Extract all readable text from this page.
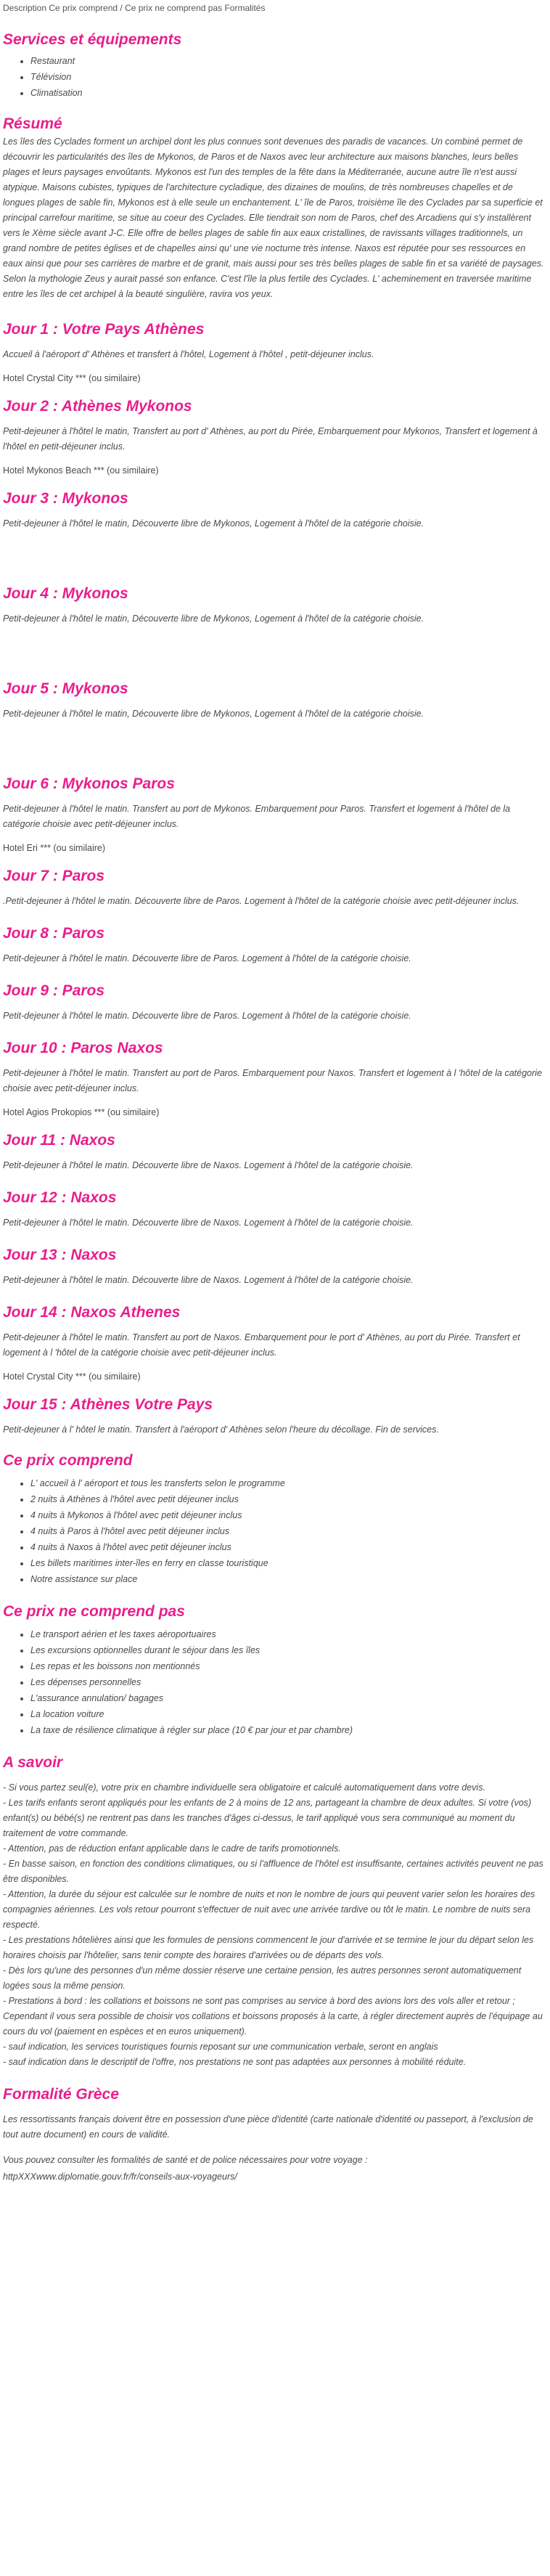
Description Ce prix comprend / Ce prix ne comprend pas Formalités

Services et équipements
• Restaurant
• Télévision
• Climatisation
Résumé

Les îles des Cyclades forment un archipel dont les plus connues sont devenues des paradis de vacances. Un combiné permet de découvrir les particularités des îles de Mykonos, de Paros et de Naxos avec leur architecture aux maisons blanches, leurs belles plages et leurs paysages envoûtants. Mykonos est l'un des temples de la fête dans la Méditerranée, aucune autre île n'est aussi atypique. Maisons cubistes, typiques de l'architecture cycladique, des dizaines de moulins, de très nombreuses chapelles et de longues plages de sable fin, Mykonos est à elle seule un enchantement. L' île de Paros, troisième île des Cyclades par sa superficie et principal carrefour maritime, se situe au coeur des Cyclades. Elle tiendrait son nom de Paros, chef des Arcadiens qui s'y installèrent vers le Xème siècle avant J-C. Elle offre de belles plages de sable fin aux eaux cristallines, de ravissants villages traditionnels, un grand nombre de petites églises et de chapelles ainsi qu' une vie nocturne très intense. Naxos est réputée pour ses ressources en eaux ainsi que pour ses carrières de marbre et de granit, mais aussi pour ses très belles plages de sable fin et sa variété de paysages. Selon la mythologie Zeus y aurait passé son enfance. C'est l'île la plus fertile des Cyclades. L' acheminement en traversée maritime entre les îles de cet archipel à la beauté singulière, ravira vos yeux.

Jour 1 : Votre Pays Athènes

Accueil à l'aéroport d' Athènes et transfert à l'hôtel, Logement à l'hôtel , petit-déjeuner inclus.

Hotel Crystal City *** (ou similaire)

Jour 2 : Athènes Mykonos

Petit-dejeuner à l'hôtel le matin, Transfert au port d' Athènes, au port du Pirée, Embarquement pour Mykonos, Transfert et logement à l'hôtel en petit-déjeuner inclus.

Hotel Mykonos Beach *** (ou similaire)

Jour 3 : Mykonos

Petit-dejeuner à l'hôtel le matin, Découverte libre de Mykonos, Logement à l'hôtel de la catégorie choisie.

Jour 4 : Mykonos

Petit-dejeuner à l'hôtel le matin, Découverte libre de Mykonos, Logement à l'hôtel de la catégorie choisie.

Jour 5 : Mykonos

Petit-dejeuner à l'hôtel le matin, Découverte libre de Mykonos, Logement à l'hôtel de la catégorie choisie.

Jour 6 : Mykonos Paros

Petit-dejeuner à l'hôtel le matin. Transfert au port de Mykonos. Embarquement pour Paros. Transfert et logement à l'hôtel de la catégorie choisie avec petit-déjeuner inclus.

Hotel Eri *** (ou similaire)

Jour 7 : Paros

.Petit-dejeuner à l'hôtel le matin. Découverte libre de Paros. Logement à l'hôtel de la catégorie choisie avec petit-déjeuner inclus.

Jour 8 : Paros

Petit-dejeuner à l'hôtel le matin. Découverte libre de Paros. Logement à l'hôtel de la catégorie choisie.

Jour 9 : Paros

Petit-dejeuner à l'hôtel le matin. Découverte libre de Paros. Logement à l'hôtel de la catégorie choisie.

Jour 10 : Paros Naxos

Petit-dejeuner à l'hôtel le matin. Transfert au port de Paros. Embarquement pour Naxos. Transfert et logement à l 'hôtel de la catégorie choisie avec petit-déjeuner inclus.

Hotel Agios Prokopios *** (ou similaire)

Jour 11 : Naxos

Petit-dejeuner à l'hôtel le matin. Découverte libre de Naxos. Logement à l'hôtel de la catégorie choisie.

Jour 12 : Naxos

Petit-dejeuner à l'hôtel le matin. Découverte libre de Naxos. Logement à l'hôtel de la catégorie choisie.

Jour 13 : Naxos

Petit-dejeuner à l'hôtel le matin. Découverte libre de Naxos. Logement à l'hôtel de la catégorie choisie.

Jour 14 : Naxos Athenes

Petit-dejeuner à l'hôtel le matin. Transfert au port de Naxos. Embarquement pour le port d' Athènes, au port du Pirée. Transfert et logement à l 'hôtel de la catégorie choisie avec petit-déjeuner inclus.

Hotel Crystal City *** (ou similaire)

Jour 15 : Athènes Votre Pays

Petit-dejeuner à l' hôtel le matin. Transfert à l'aéroport d' Athènes selon l'heure du décollage. Fin de services.

Ce prix comprend
• L' accueil à l' aéroport et tous les transferts selon le programme
• 2 nuits à Athènes à l'hôtel avec petit déjeuner inclus
• 4 nuits à Mykonos à l'hôtel avec petit déjeuner inclus
• 4 nuits à Paros à l'hôtel avec petit déjeuner inclus
• 4 nuits à Naxos à l'hôtel avec petit déjeuner inclus
• Les billets maritimes inter-îles en ferry en classe touristique
• Notre assistance sur place
Ce prix ne comprend pas
• Le transport aérien et les taxes aéroportuaires
• Les excursions optionnelles durant le séjour dans les îles
• Les repas et les boissons non mentionnés
• Les dépenses personnelles
• L'assurance annulation/ bagages
• La location voiture
• La taxe de résilience climatique à régler sur place (10 € par jour et par chambre)
A savoir

- Si vous partez seul(e), votre prix en chambre individuelle sera obligatoire et calculé automatiquement dans votre devis.

- Les tarifs enfants seront appliqués pour les enfants de 2 à moins de 12 ans, partageant la chambre de deux adultes. Si votre (vos) enfant(s) ou bébé(s) ne rentrent pas dans les tranches d'âges ci-dessus, le tarif appliqué vous sera communiqué au moment du traitement de votre commande.

- Attention, pas de réduction enfant applicable dans le cadre de tarifs promotionnels.

- En basse saison, en fonction des conditions climatiques, ou si l'affluence de l'hôtel est insuffisante, certaines activités peuvent ne pas être disponibles.

- Attention, la durée du séjour est calculée sur le nombre de nuits et non le nombre de jours qui peuvent varier selon les horaires des compagnies aériennes. Les vols retour pourront s'effectuer de nuit avec une arrivée tardive ou tôt le matin. Le nombre de nuits sera respecté.

- Les prestations hôtelières ainsi que les formules de pensions commencent le jour d'arrivée et se termine le jour du départ selon les horaires choisis par l'hôtelier, sans tenir compte des horaires d'arrivées ou de départs des vols.

- Dès lors qu'une des personnes d'un même dossier réserve une certaine pension, les autres personnes seront automatiquement logées sous la même pension.

- Prestations à bord : les collations et boissons ne sont pas comprises au service à bord des avions lors des vols aller et retour ; Cependant il vous sera possible de choisir vos collations et boissons proposés à la carte, à régler directement auprès de l'équipage au cours du vol (paiement en espèces et en euros uniquement).

- sauf indication, les services touristiques fournis reposant sur une communication verbale, seront en anglais

- sauf indication dans le descriptif de l'offre, nos prestations ne sont pas adaptées aux personnes à mobilité réduite.

Formalité Grèce

Les ressortissants français doivent être en possession d'une pièce d'identité (carte nationale d'identité ou passeport, à l'exclusion de tout autre document) en cours de validité.

Vous pouvez consulter les formalités de santé et de police nécessaires pour votre voyage :

httpXXXwww.diplomatie.gouv.fr/fr/conseils-aux-voyageurs/
